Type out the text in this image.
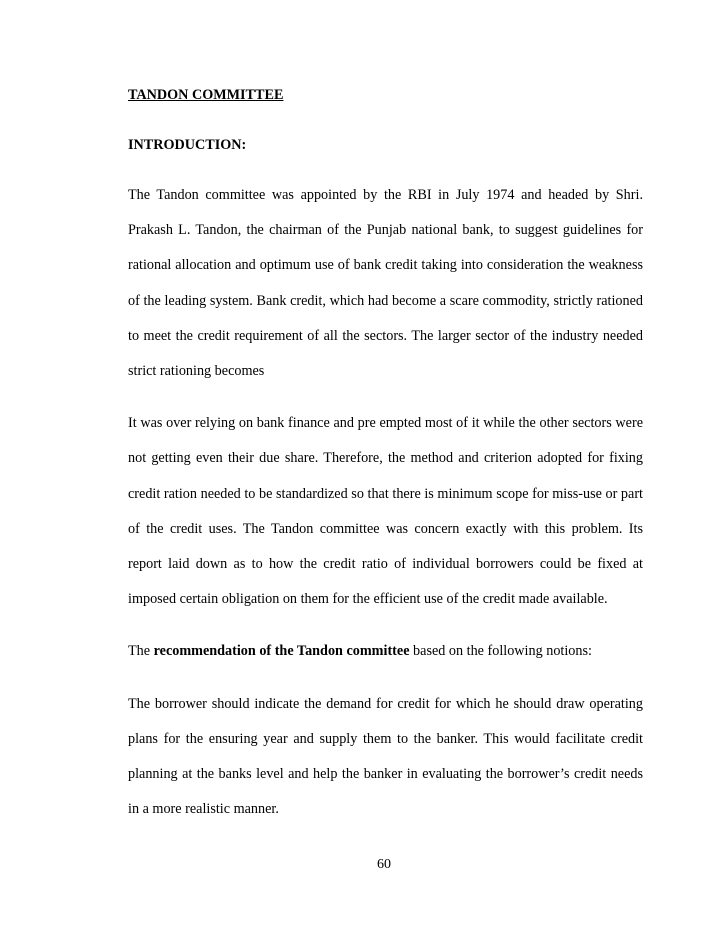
TANDON COMMITTEE

INTRODUCTION:

The Tandon committee was appointed by the RBI in July 1974 and headed by Shri. Prakash L. Tandon, the chairman of the Punjab national bank, to suggest guidelines for rational allocation and optimum use of bank credit taking into consideration the weakness of the leading system. Bank credit, which had become a scare commodity, strictly rationed to meet the credit requirement of all the sectors. The larger sector of the industry needed strict rationing becomes

It was over relying on bank finance and pre empted most of it while the other sectors were not getting even their due share. Therefore, the method and criterion adopted for fixing credit ration needed to be standardized so that there is minimum scope for miss-use or part of the credit uses. The Tandon committee was concern exactly with this problem. Its report laid down as to how the credit ratio of individual borrowers could be fixed at imposed certain obligation on them for the efficient use of the credit made available.

The recommendation of the Tandon committee based on the following notions:

The borrower should indicate the demand for credit for which he should draw operating plans for the ensuring year and supply them to the banker. This would facilitate credit planning at the banks level and help the banker in evaluating the borrower’s credit needs in a more realistic manner.

60
